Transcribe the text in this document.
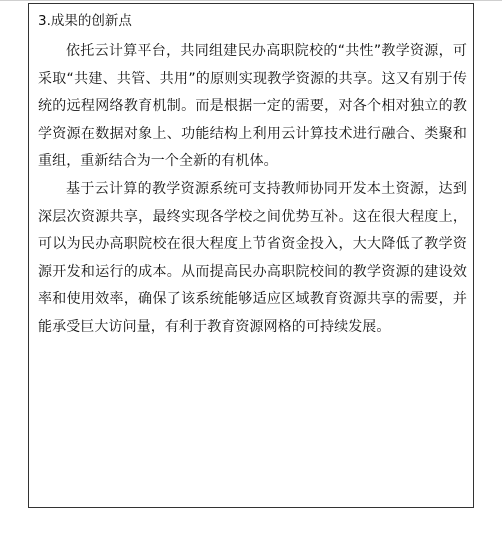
3.成果的创新点

依托云计算平台，共同组建民办高职院校的“共性”教学资源，可采取“共建、共管、共用”的原则实现教学资源的共享。这又有别于传统的远程网络教育机制。而是根据一定的需要，对各个相对独立的教学资源在数据对象上、功能结构上利用云计算技术进行融合、类聚和重组，重新结合为一个全新的有机体。

基于云计算的教学资源系统可支持教师协同开发本土资源，达到深层次资源共享，最终实现各学校之间优势互补。这在很大程度上，可以为民办高职院校在很大程度上节省资金投入，大大降低了教学资源开发和运行的成本。从而提高民办高职院校间的教学资源的建设效率和使用效率，确保了该系统能够适应区域教育资源共享的需要，并能承受巨大访问量，有利于教育资源网格的可持续发展。
